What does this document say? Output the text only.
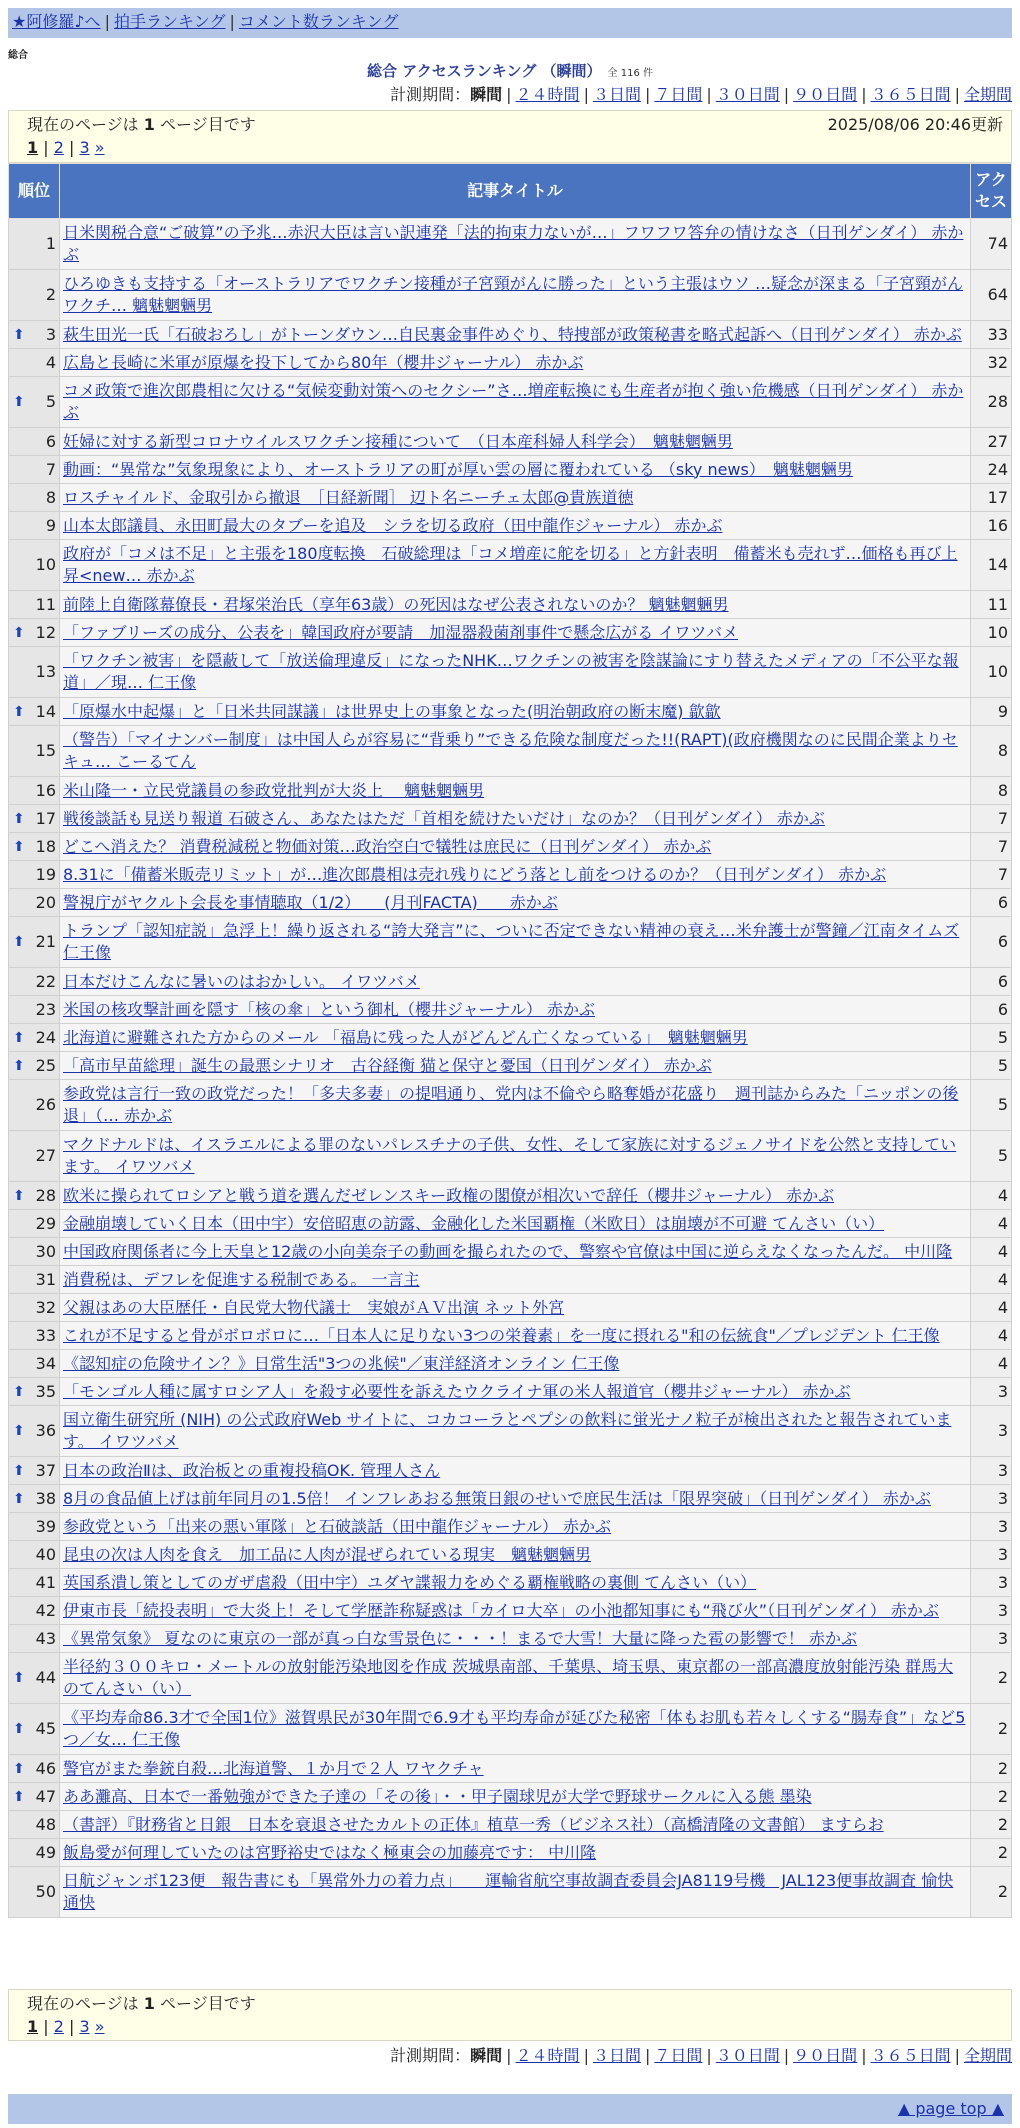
★阿修羅♪へ | 拍手ランキング | コメント数ランキング
総合
総合 アクセスランキング （瞬間） 全 116 件
計測期間：瞬間 | ２４時間 | ３日間 | ７日間 | ３０日間 | ９０日間 | ３６５日間 | 全期間
現在のページは 1 ページ目です	2025/08/06 20:46更新
1 | 2 | 3 »
順位	記事タイトル	アクセス
1	日米関税合意“ご破算”の予兆…赤沢大臣は言い訳連発「法的拘束力ないが…」フワフワ答弁の情けなさ（日刊ゲンダイ） 赤かぶ	74
2	ひろゆきも支持する「オーストラリアでワクチン接種が子宮頸がんに勝った」という主張はウソ …疑念が深まる「子宮頸がんワクチ… 魑魅魍魎男	64

⬆ 3	萩生田光一氏「石破おろし」がトーンダウン…自民裏金事件めぐり、特捜部が政策秘書を略式起訴へ（日刊ゲンダイ） 赤かぶ	33
4	広島と長崎に米軍が原爆を投下してから80年（櫻井ジャーナル） 赤かぶ	32

⬆ 5	コメ政策で進次郎農相に欠ける“気候変動対策へのセクシー”さ…増産転換にも生産者が抱く強い危機感（日刊ゲンダイ） 赤かぶ	28
6	妊婦に対する新型コロナウイルスワクチン接種について　（日本産科婦人科学会）　魑魅魍魎男	27
7	動画：“異常な”気象現象により、オーストラリアの町が厚い雲の層に覆われている （sky news）　魑魅魍魎男	24
8	ロスチャイルド、金取引から撤退　［日経新聞］ 辺ト名ニーチェ太郎@貴族道徳	17
9	山本太郎議員、永田町最大のタブーを追及　シラを切る政府（田中龍作ジャーナル） 赤かぶ	16
10	政府が「コメは不足」と主張を180度転換　石破総理は「コメ増産に舵を切る」と方針表明　備蓄米も売れず…価格も再び上昇<new… 赤かぶ	14
11	前陸上自衛隊幕僚長・君塚栄治氏（享年63歳）の死因はなぜ公表されないのか？ 魑魅魍魎男	11

⬆ 12	「ファブリーズの成分、公表を」韓国政府が要請　加湿器殺菌剤事件で懸念広がる イワツバメ	10
13	「ワクチン被害」を隠蔽して「放送倫理違反」になったNHK…ワクチンの被害を陰謀論にすり替えたメディアの「不公平な報道」／現… 仁王像	10

⬆ 14	「原爆水中起爆」と「日米共同謀議」は世界史上の事象となった(明治朝政府の断末魔) 歙歙	9
15	（警告）「マイナンバー制度」は中国人らが容易に“背乗り”できる危険な制度だった!!(RAPT)(政府機関なのに民間企業よりセキュ… こーるてん	8
16	米山隆一・立民党議員の参政党批判が大炎上　 魑魅魍魎男	8

⬆ 17	戦後談話も見送り報道 石破さん、あなたはただ「首相を続けたいだけ」なのか？（日刊ゲンダイ） 赤かぶ	7

⬆ 18	どこへ消えた？ 消費税減税と物価対策…政治空白で犠牲は庶民に（日刊ゲンダイ） 赤かぶ	7
19	8.31に「備蓄米販売リミット」が…進次郎農相は売れ残りにどう落とし前をつけるのか？（日刊ゲンダイ） 赤かぶ	7
20	警視庁がヤクルト会長を事情聴取（1/2）　　(月刊FACTA)　　赤かぶ	6

⬆ 21	トランプ「認知症説」急浮上！繰り返される“誇大発言”に、ついに否定できない精神の衰え…米弁護士が警鐘／江南タイムズ 仁王像	6
22	日本だけこんなに暑いのはおかしい。 イワツバメ	6
23	米国の核攻撃計画を隠す「核の傘」という御札（櫻井ジャーナル） 赤かぶ	6

⬆ 24	北海道に避難された方からのメール 「福島に残った人がどんどん亡くなっている」　魑魅魍魎男	5

⬆ 25	「高市早苗総理」誕生の最悪シナリオ　古谷経衡 猫と保守と憂国（日刊ゲンダイ） 赤かぶ	5
26	参政党は言行一致の政党だった！「多夫多妻」の提唱通り、党内は不倫やら略奪婚が花盛り　週刊誌からみた「ニッポンの後退」（… 赤かぶ	5
27	マクドナルドは、イスラエルによる罪のないパレスチナの子供、女性、そして家族に対するジェノサイドを公然と支持しています。 イワツバメ	5

⬆ 28	欧米に操られてロシアと戦う道を選んだゼレンスキー政権の閣僚が相次いで辞任（櫻井ジャーナル） 赤かぶ	4
29	金融崩壊していく日本（田中宇）安倍昭恵の訪露、金融化した米国覇権（米欧日）は崩壊が不可避 てんさい（い）	4
30	中国政府関係者に今上天皇と12歳の小向美奈子の動画を撮られたので、警察や官僚は中国に逆らえなくなったんだ。 中川隆	4
31	消費税は、デフレを促進する税制である。 一言主	4
32	父親はあの大臣歴任・自民党大物代議士　実娘がＡＶ出演 ネット外宮	4
33	これが不足すると骨がボロボロに…「日本人に足りない3つの栄養素」を一度に摂れる"和の伝統食"／プレジデント 仁王像	4
34	《認知症の危険サイン？》日常生活"3つの兆候"／東洋経済オンライン 仁王像	4

⬆ 35	「モンゴル人種に属すロシア人」を殺す必要性を訴えたウクライナ軍の米人報道官（櫻井ジャーナル） 赤かぶ	3

⬆ 36	国立衛生研究所 (NIH) の公式政府Web サイトに、コカコーラとペプシの飲料に蛍光ナノ粒子が検出されたと報告されています。 イワツバメ	3

⬆ 37	日本の政治Ⅱは、政治板との重複投稿OK. 管理人さん	3

⬆ 38	8月の食品値上げは前年同月の1.5倍！ インフレあおる無策日銀のせいで庶民生活は「限界突破」（日刊ゲンダイ） 赤かぶ	3
39	参政党という「出来の悪い軍隊」と石破談話（田中龍作ジャーナル） 赤かぶ	3
40	昆虫の次は人肉を食え　加工品に人肉が混ぜられている現実　魑魅魍魎男	3
41	英国系潰し策としてのガザ虐殺（田中宇）ユダヤ諜報力をめぐる覇権戦略の裏側 てんさい（い）	3
42	伊東市長「続投表明」で大炎上！そして学歴詐称疑惑は「カイロ大卒」の小池都知事にも“飛び火”（日刊ゲンダイ） 赤かぶ	3
43	《異常気象》 夏なのに東京の一部が真っ白な雪景色に・・・！まるで大雪！大量に降った雹の影響で！ 赤かぶ	3

⬆ 44	半径約３００キロ・メートルの放射能汚染地図を作成 茨城県南部、千葉県、埼玉県、東京都の一部高濃度放射能汚染 群馬大のてんさい（い）	2

⬆ 45	《平均寿命86.3才で全国1位》滋賀県民が30年間で6.9才も平均寿命が延びた秘密「体もお肌も若々しくする“腸寿食”」など5つ／女… 仁王像	2

⬆ 46	警官がまた拳銃自殺…北海道警、１か月で２人 ワヤクチャ	2

⬆ 47	ああ灘高、日本で一番勉強ができた子達の「その後」・・甲子園球児が大学で野球サークルに入る態 墨染	2
48	（書評）『財務省と日銀　日本を衰退させたカルトの正体』植草一秀（ビジネス社）（高橋清隆の文書館） ますらお	2
49	飯島愛が何理していたのは宮野裕史ではなく極東会の加藤亮です： 中川隆	2
50	日航ジャンボ123便　報告書にも「異常外力の着力点」　　運輸省航空事故調査委員会JA8119号機　JAL123便事故調査 愉快通快	2
現在のページは 1 ページ目です
1 | 2 | 3 »
計測期間：瞬間 | ２４時間 | ３日間 | ７日間 | ３０日間 | ９０日間 | ３６５日間 | 全期間
▲ page top ▲
